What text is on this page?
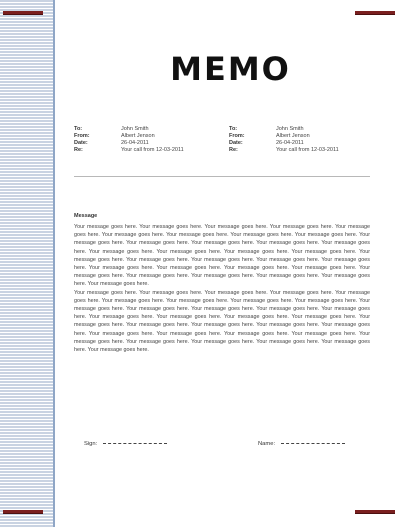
MEMO
To:	John Smith
From:	Albert Jenson
Date:	26-04-2011
Re:	Your call from 12-03-2011
To:	John Smith
From:	Albert Jenson
Date:	26-04-2011
Re:	Your call from 12-03-2011
Message

Your message goes here. Your message goes here. Your message goes here. Your message goes here. Your message goes here. Your message goes here. Your message goes here. Your message goes here. Your message goes here. Your message goes here. Your message goes here. Your message goes here. Your message goes here. Your message goes here. Your message goes here. Your message goes here. Your message goes here. Your message goes here. Your message goes here. Your message goes here. Your message goes here. Your message goes here. Your message goes here. Your message goes here. Your message goes here. Your message goes here. Your message goes here. Your message goes here. Your message goes here. Your message goes here. Your message goes here. Your message goes here. Your message goes here.

Your message goes here. Your message goes here. Your message goes here. Your message goes here. Your message goes here. Your message goes here. Your message goes here. Your message goes here. Your message goes here. Your message goes here. Your message goes here. Your message goes here. Your message goes here. Your message goes here. Your message goes here. Your message goes here. Your message goes here. Your message goes here. Your message goes here. Your message goes here. Your message goes here. Your message goes here. Your message goes here. Your message goes here. Your message goes here. Your message goes here. Your message goes here. Your message goes here. Your message goes here. Your message goes here. Your message goes here. Your message goes here. Your message goes here.

Sign:	Name:
